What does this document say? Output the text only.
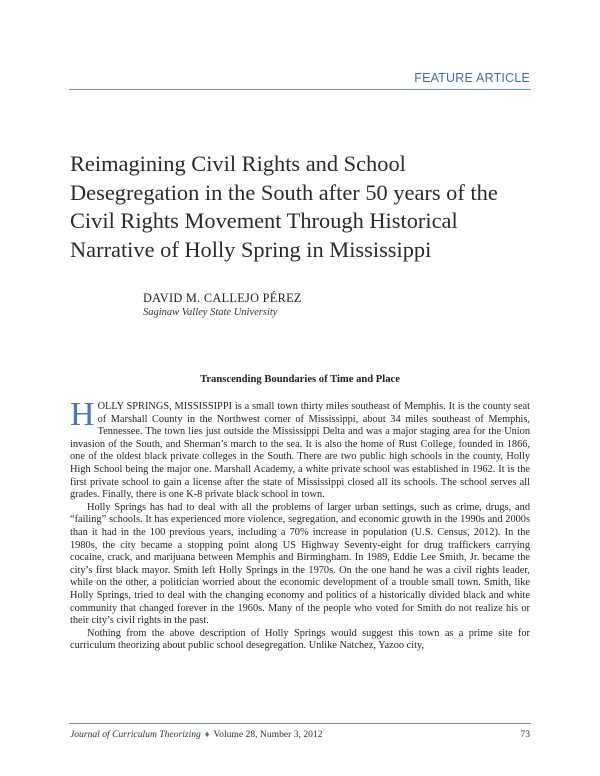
FEATURE ARTICLE
Reimagining Civil Rights and School
Desegregation in the South after 50 years of the
Civil Rights Movement Through Historical
Narrative of Holly Spring in Mississippi
DAVID M. CALLEJO PÉREZ
Saginaw Valley State University
Transcending Boundaries of Time and Place

HOLLY SPRINGS, MISSISSIPPI is a small town thirty miles southeast of Memphis. It is the county seat of Marshall County in the Northwest corner of Mississippi, about 34 miles southeast of Memphis, Tennessee. The town lies just outside the Mississippi Delta and was a major staging area for the Union invasion of the South, and Sherman’s march to the sea. It is also the home of Rust College, founded in 1866, one of the oldest black private colleges in the South. There are two public high schools in the county, Holly High School being the major one. Marshall Academy, a white private school was established in 1962. It is the first private school to gain a license after the state of Mississippi closed all its schools. The school serves all grades. Finally, there is one K-8 private black school in town.

Holly Springs has had to deal with all the problems of larger urban settings, such as crime, drugs, and “failing” schools. It has experienced more violence, segregation, and economic growth in the 1990s and 2000s than it had in the 100 previous years, including a 70% increase in population (U.S. Census, 2012). In the 1980s, the city became a stopping point along US Highway Seventy-eight for drug traffickers carrying cocaine, crack, and marijuana between Memphis and Birmingham. In 1989, Eddie Lee Smith, Jr. became the city’s first black mayor. Smith left Holly Springs in the 1970s. On the one hand he was a civil rights leader, while on the other, a politician worried about the economic development of a trouble small town. Smith, like Holly Springs, tried to deal with the changing economy and politics of a historically divided black and white community that changed forever in the 1960s. Many of the people who voted for Smith do not realize his or their city’s civil rights in the past.

Nothing from the above description of Holly Springs would suggest this town as a prime site for curriculum theorizing about public school desegregation. Unlike Natchez, Yazoo city,

Journal of Curriculum Theorizing ♦ Volume 28, Number 3, 2012	73
